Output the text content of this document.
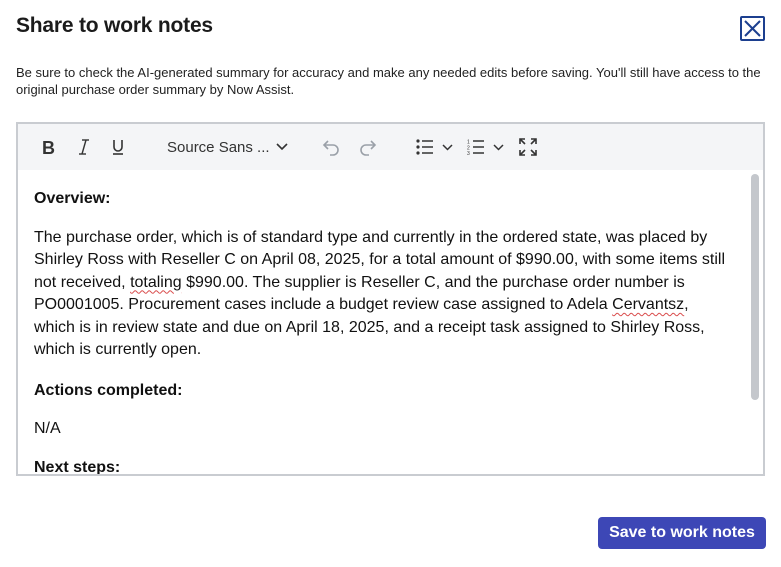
Share to work notes

Be sure to check the AI-generated summary for accuracy and make any needed edits before saving. You'll still have access to the original purchase order summary by Now Assist.

B	Source Sans ...	1
2
3
Overview:

The purchase order, which is of standard type and currently in the ordered state, was placed by Shirley Ross with Reseller C on April 08, 2025, for a total amount of $990.00, with some items still not received, totaling $990.00. The supplier is Reseller C, and the purchase order number is PO0001005. Procurement cases include a budget review case assigned to Adela Cervantsz, which is in review state and due on April 18, 2025, and a receipt task assigned to Shirley Ross, which is currently open.

Actions completed:

N/A

Next steps:
Save to work notes
